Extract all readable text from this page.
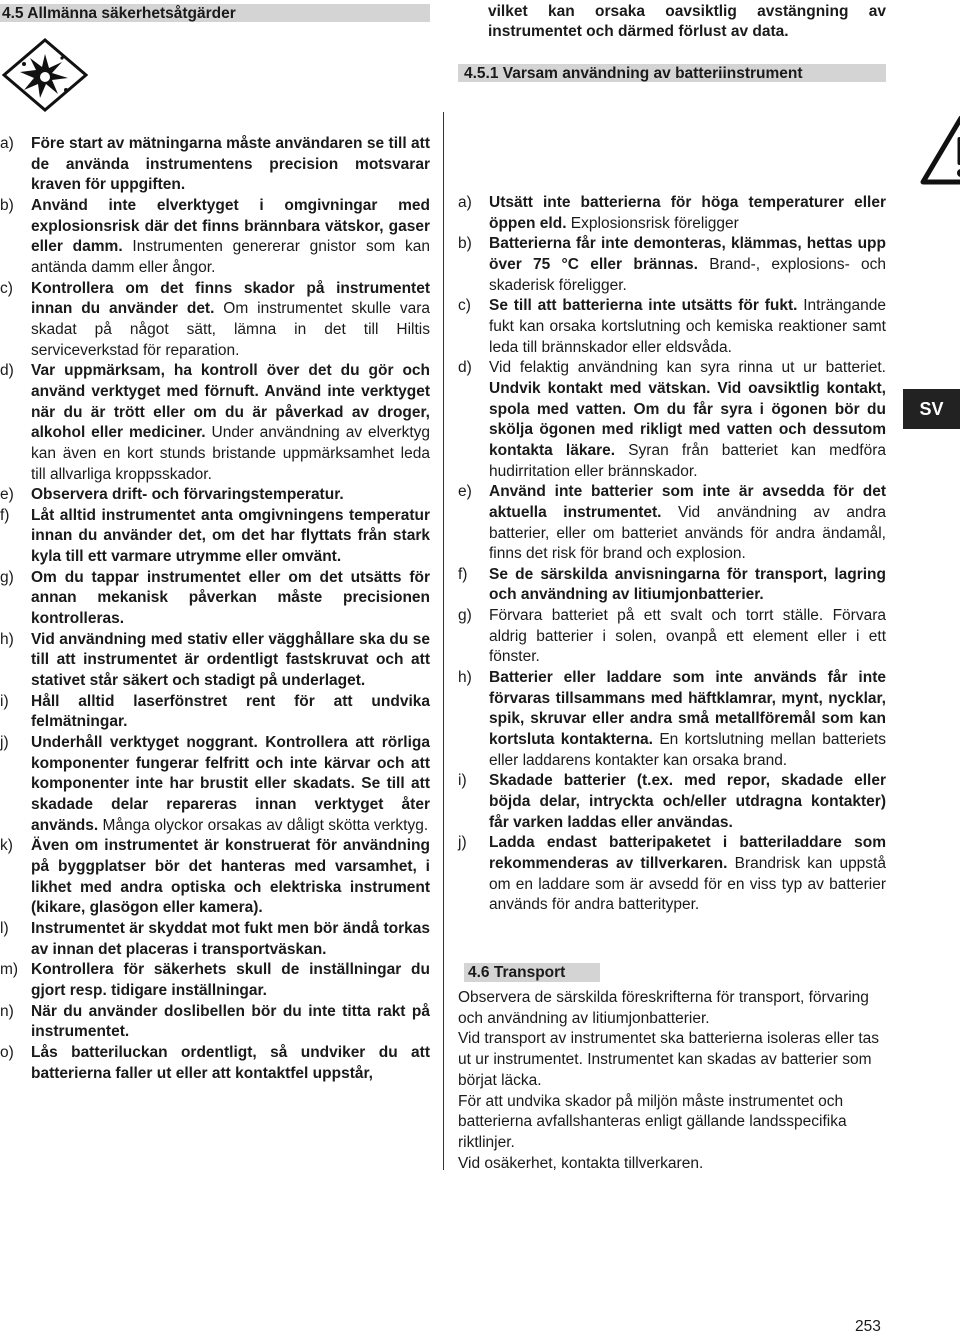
4.5 Allmänna säkerhetsåtgärder
a) Före start av mätningarna måste användaren se till att de använda instrumentens precision motsvarar kraven för uppgiften.
b) Använd inte elverktyget i omgivningar med explosionsrisk där det finns brännbara vätskor, gaser eller damm. Instrumenten genererar gnistor som kan antända damm eller ångor.
c) Kontrollera om det finns skador på instrumentet innan du använder det. Om instrumentet skulle vara skadat på något sätt, lämna in det till Hiltis serviceverkstad för reparation.
d) Var uppmärksam, ha kontroll över det du gör och använd verktyget med förnuft. Använd inte verktyget när du är trött eller om du är påverkad av droger, alkohol eller mediciner. Under användning av elverktyg kan även en kort stunds bristande uppmärksamhet leda till allvarliga kroppsskador.
e) Observera drift- och förvaringstemperatur.
f) Låt alltid instrumentet anta omgivningens temperatur innan du använder det, om det har flyttats från stark kyla till ett varmare utrymme eller omvänt.
g) Om du tappar instrumentet eller om det utsätts för annan mekanisk påverkan måste precisionen kontrolleras.
h) Vid användning med stativ eller vägghållare ska du se till att instrumentet är ordentligt fastskruvat och att stativet står säkert och stadigt på underlaget.
i) Håll alltid laserfönstret rent för att undvika felmätningar.
j) Underhåll verktyget noggrant. Kontrollera att rörliga komponenter fungerar felfritt och inte kärvar och att komponenter inte har brustit eller skadats. Se till att skadade delar repareras innan verktyget åter används. Många olyckor orsakas av dåligt skötta verktyg.
k) Även om instrumentet är konstruerat för användning på byggplatser bör det hanteras med varsamhet, i likhet med andra optiska och elektriska instrument (kikare, glasögon eller kamera).
l) Instrumentet är skyddat mot fukt men bör ändå torkas av innan det placeras i transportväskan.
m) Kontrollera för säkerhets skull de inställningar du gjort resp. tidigare inställningar.
n) När du använder doslibellen bör du inte titta rakt på instrumentet.
o) Lås batteriluckan ordentligt, så undviker du att batterierna faller ut eller att kontaktfel uppstår,
vilket kan orsaka oavsiktlig avstängning av instrumentet och därmed förlust av data.
4.5.1 Varsam användning av batteriinstrument
a) Utsätt inte batterierna för höga temperaturer eller öppen eld. Explosionsrisk föreligger
b) Batterierna får inte demonteras, klämmas, hettas upp över 75 °C eller brännas. Brand-, explosions- och skaderisk föreligger.
c) Se till att batterierna inte utsätts för fukt. Inträngande fukt kan orsaka kortslutning och kemiska reaktioner samt leda till brännskador eller eldsvåda.
d) Vid felaktig användning kan syra rinna ut ur batteriet. Undvik kontakt med vätskan. Vid oavsiktlig kontakt, spola med vatten. Om du får syra i ögonen bör du skölja ögonen med rikligt med vatten och dessutom kontakta läkare. Syran från batteriet kan medföra hudirritation eller brännskador.
e) Använd inte batterier som inte är avsedda för det aktuella instrumentet. Vid användning av andra batterier, eller om batteriet används för andra ändamål, finns det risk för brand och explosion.
f) Se de särskilda anvisningarna för transport, lagring och användning av litiumjonbatterier.
g) Förvara batteriet på ett svalt och torrt ställe. Förvara aldrig batterier i solen, ovanpå ett element eller i ett fönster.
h) Batterier eller laddare som inte används får inte förvaras tillsammans med häftklamrar, mynt, nycklar, spik, skruvar eller andra små metallföremål som kan kortsluta kontakterna. En kortslutning mellan batteriets eller laddarens kontakter kan orsaka brand.
i) Skadade batterier (t.ex. med repor, skadade eller böjda delar, intryckta och/eller utdragna kontakter) får varken laddas eller användas.
j) Ladda endast batteripaketet i batteriladdare som rekommenderas av tillverkaren. Brandrisk kan uppstå om en laddare som är avsedd för en viss typ av batterier används för andra batterityper.
4.6 Transport

Observera de särskilda föreskrifterna för transport, förvaring och användning av litiumjonbatterier.

Vid transport av instrumentet ska batterierna isoleras eller tas ut ur instrumentet. Instrumentet kan skadas av batterier som börjat läcka.

För att undvika skador på miljön måste instrumentet och batterierna avfallshanteras enligt gällande landsspecifika riktlinjer.

Vid osäkerhet, kontakta tillverkaren.

SV
253
